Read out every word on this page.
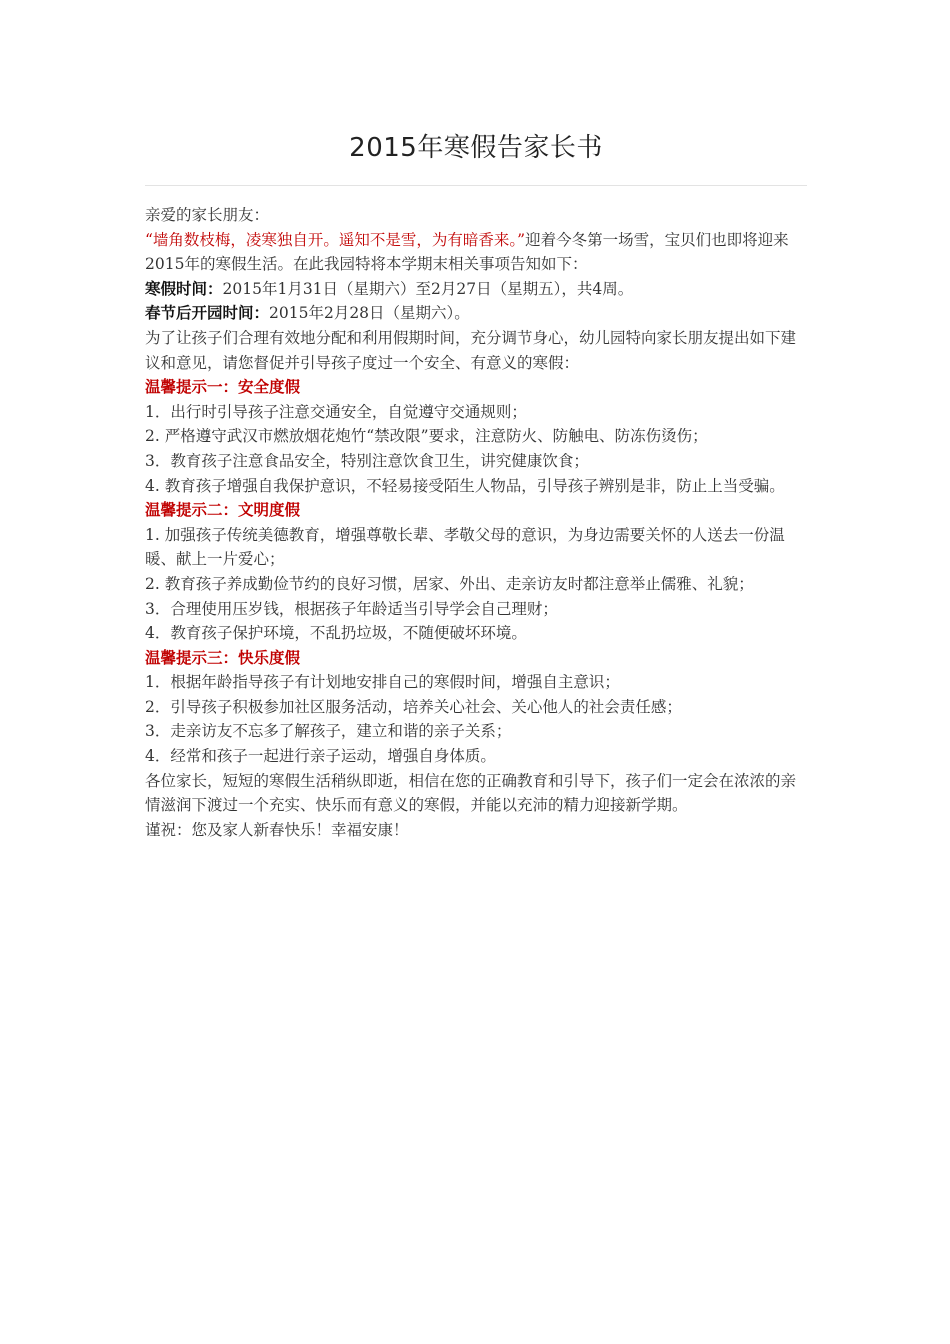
2015年寒假告家长书

亲爱的家长朋友：

“墙角数枝梅，凌寒独自开。遥知不是雪，为有暗香来。”迎着今冬第一场雪，宝贝们也即将迎来2015年的寒假生活。在此我园特将本学期末相关事项告知如下：

寒假时间：2015年1月31日（星期六）至2月27日（星期五），共4周。

春节后开园时间：2015年2月28日（星期六）。

为了让孩子们合理有效地分配和利用假期时间，充分调节身心，幼儿园特向家长朋友提出如下建议和意见，请您督促并引导孩子度过一个安全、有意义的寒假：

温馨提示一：安全度假

1．出行时引导孩子注意交通安全，自觉遵守交通规则；

2. 严格遵守武汉市燃放烟花炮竹“禁改限”要求，注意防火、防触电、防冻伤烫伤；

3．教育孩子注意食品安全，特别注意饮食卫生，讲究健康饮食；

4. 教育孩子增强自我保护意识，不轻易接受陌生人物品，引导孩子辨别是非，防止上当受骗。

温馨提示二：文明度假

1. 加强孩子传统美德教育，增强尊敬长辈、孝敬父母的意识，为身边需要关怀的人送去一份温暖、献上一片爱心；

2. 教育孩子养成勤俭节约的良好习惯，居家、外出、走亲访友时都注意举止儒雅、礼貌；

3．合理使用压岁钱，根据孩子年龄适当引导学会自己理财；

4．教育孩子保护环境，不乱扔垃圾，不随便破坏环境。

温馨提示三：快乐度假

1．根据年龄指导孩子有计划地安排自己的寒假时间，增强自主意识；

2．引导孩子积极参加社区服务活动，培养关心社会、关心他人的社会责任感；

3．走亲访友不忘多了解孩子，建立和谐的亲子关系；

4．经常和孩子一起进行亲子运动，增强自身体质。

各位家长，短短的寒假生活稍纵即逝，相信在您的正确教育和引导下，孩子们一定会在浓浓的亲情滋润下渡过一个充实、快乐而有意义的寒假，并能以充沛的精力迎接新学期。

谨祝：您及家人新春快乐！幸福安康！
